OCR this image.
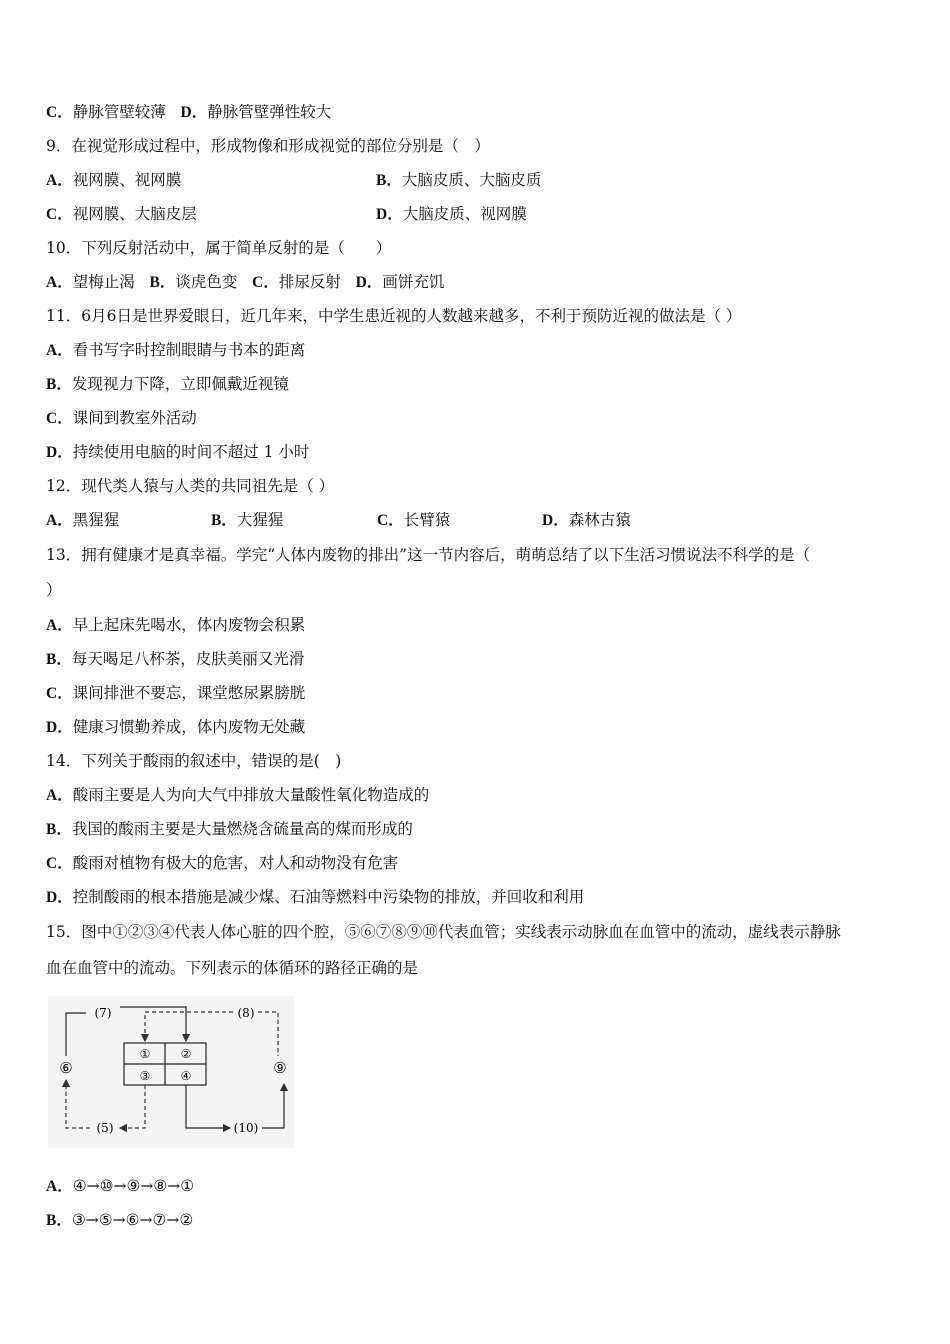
C．静脉管壁较薄 D．静脉管壁弹性较大
9．在视觉形成过程中，形成物像和形成视觉的部位分别是（　）
A．视网膜、视网膜	B．大脑皮质、大脑皮质
C．视网膜、大脑皮层	D．大脑皮质、视网膜
10．下列反射活动中，属于简单反射的是（　　）
A．望梅止渴 B．谈虎色变 C．排尿反射 D．画饼充饥
11．6月6日是世界爱眼日，近几年来，中学生患近视的人数越来越多，不利于预防近视的做法是（ ）
A．看书写字时控制眼睛与书本的距离
B．发现视力下降，立即佩戴近视镜
C．课间到教室外活动
D．持续使用电脑的时间不超过 1 小时
12．现代类人猿与人类的共同祖先是（ ）
A．黑猩猩	B．大猩猩	C．长臂猿	D．森林古猿
13．拥有健康才是真幸福。学完“人体内废物的排出”这一节内容后，萌萌总结了以下生活习惯说法不科学的是（
）
A．早上起床先喝水，体内废物会积累
B．每天喝足八杯茶，皮肤美丽又光滑
C．课间排泄不要忘，课堂憋尿累膀胱
D．健康习惯勤养成，体内废物无处藏
14．下列关于酸雨的叙述中，错误的是(　)
A．酸雨主要是人为向大气中排放大量酸性氧化物造成的
B．我国的酸雨主要是大量燃烧含硫量高的煤而形成的
C．酸雨对植物有极大的危害，对人和动物没有危害
D．控制酸雨的根本措施是减少煤、石油等燃料中污染物的排放，并回收和利用
15．图中①②③④代表人体心脏的四个腔，⑤⑥⑦⑧⑨⑩代表血管；实线表示动脉血在血管中的流动，虚线表示静脉
血在血管中的流动。下列表示的体循环的路径正确的是
①	②
③	④
(7)	(8)
⑥	⑨
(5)	(10)
A．④→⑩→⑨→⑧→①
B．③→⑤→⑥→⑦→②
